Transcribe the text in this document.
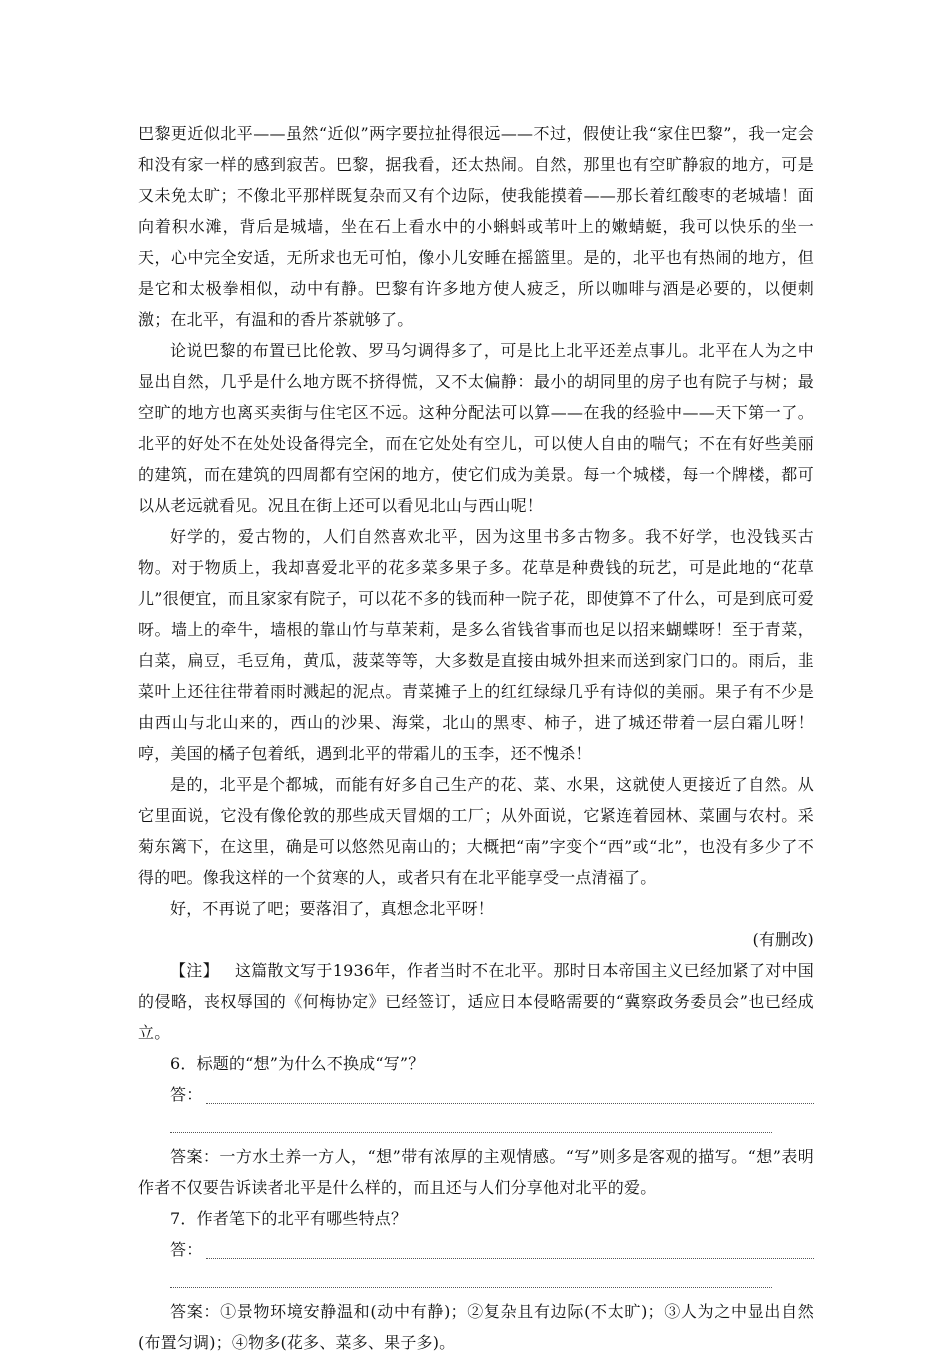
巴黎更近似北平——虽然“近似”两字要拉扯得很远——不过，假使让我“家住巴黎”，我一定会和没有家一样的感到寂苦。巴黎，据我看，还太热闹。自然，那里也有空旷静寂的地方，可是又未免太旷；不像北平那样既复杂而又有个边际，使我能摸着——那长着红酸枣的老城墙！面向着积水滩，背后是城墙，坐在石上看水中的小蝌蚪或苇叶上的嫩蜻蜓，我可以快乐的坐一天，心中完全安适，无所求也无可怕，像小儿安睡在摇篮里。是的，北平也有热闹的地方，但是它和太极拳相似，动中有静。巴黎有许多地方使人疲乏，所以咖啡与酒是必要的，以便刺激；在北平，有温和的香片茶就够了。

论说巴黎的布置已比伦敦、罗马匀调得多了，可是比上北平还差点事儿。北平在人为之中显出自然，几乎是什么地方既不挤得慌，又不太偏静：最小的胡同里的房子也有院子与树；最空旷的地方也离买卖街与住宅区不远。这种分配法可以算——在我的经验中——天下第一了。北平的好处不在处处设备得完全，而在它处处有空儿，可以使人自由的喘气；不在有好些美丽的建筑，而在建筑的四周都有空闲的地方，使它们成为美景。每一个城楼，每一个牌楼，都可以从老远就看见。况且在街上还可以看见北山与西山呢！

好学的，爱古物的，人们自然喜欢北平，因为这里书多古物多。我不好学，也没钱买古物。对于物质上，我却喜爱北平的花多菜多果子多。花草是种费钱的玩艺，可是此地的“花草儿”很便宜，而且家家有院子，可以花不多的钱而种一院子花，即使算不了什么，可是到底可爱呀。墙上的牵牛，墙根的靠山竹与草茉莉，是多么省钱省事而也足以招来蝴蝶呀！至于青菜，白菜，扁豆，毛豆角，黄瓜，菠菜等等，大多数是直接由城外担来而送到家门口的。雨后，韭菜叶上还往往带着雨时溅起的泥点。青菜摊子上的红红绿绿几乎有诗似的美丽。果子有不少是由西山与北山来的，西山的沙果、海棠，北山的黑枣、柿子，进了城还带着一层白霜儿呀！哼，美国的橘子包着纸，遇到北平的带霜儿的玉李，还不愧杀！

是的，北平是个都城，而能有好多自己生产的花、菜、水果，这就使人更接近了自然。从它里面说，它没有像伦敦的那些成天冒烟的工厂；从外面说，它紧连着园林、菜圃与农村。采菊东篱下，在这里，确是可以悠然见南山的；大概把“南”字变个“西”或“北”，也没有多少了不得的吧。像我这样的一个贫寒的人，或者只有在北平能享受一点清福了。

好，不再说了吧；要落泪了，真想念北平呀！

(有删改)

【注】 这篇散文写于1936年，作者当时不在北平。那时日本帝国主义已经加紧了对中国的侵略，丧权辱国的《何梅协定》已经签订，适应日本侵略需要的“冀察政务委员会”也已经成立。

6．标题的“想”为什么不换成“写”？

答：

答案：一方水土养一方人，“想”带有浓厚的主观情感。“写”则多是客观的描写。“想”表明作者不仅要告诉读者北平是什么样的，而且还与人们分享他对北平的爱。

7．作者笔下的北平有哪些特点？

答：

答案：①景物环境安静温和(动中有静)；②复杂且有边际(不太旷)；③人为之中显出自然(布置匀调)；④物多(花多、菜多、果子多)。
